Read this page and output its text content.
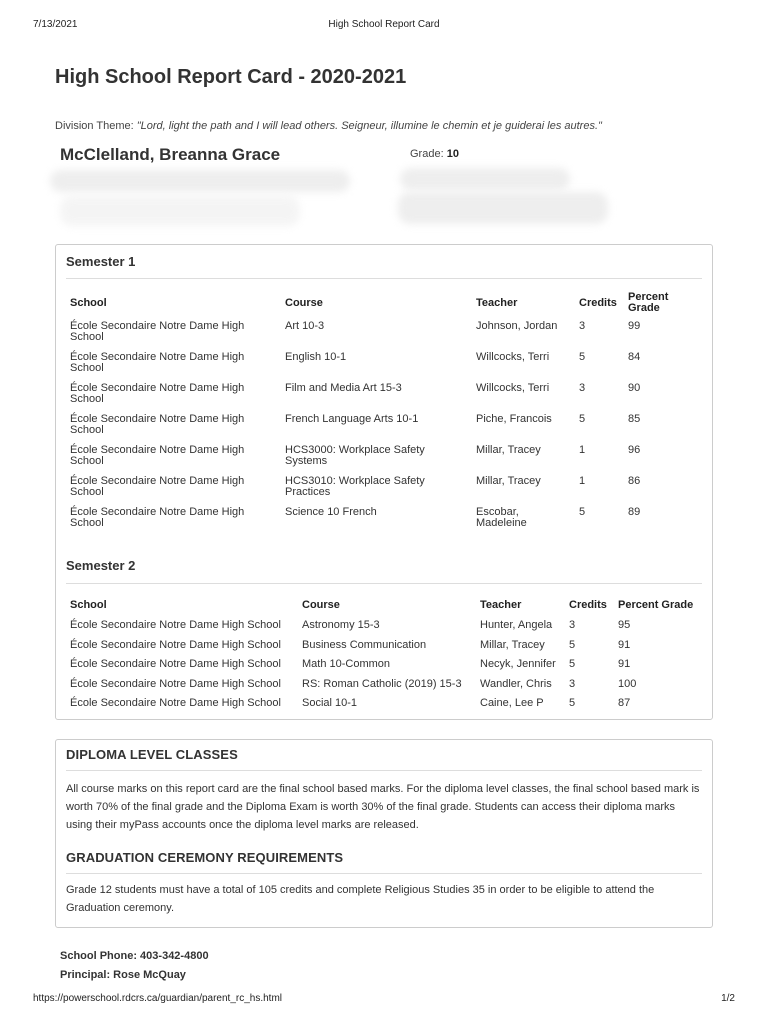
7/13/2021	High School Report Card
High School Report Card - 2020-2021
Division Theme: "Lord, light the path and I will lead others. Seigneur, illumine le chemin et je guiderai les autres."
McClelland, Breanna Grace	Grade: 10
Semester 1
School	Course	Teacher	Credits	Percent Grade
École Secondaire Notre Dame High School	Art 10-3	Johnson, Jordan	3	99
École Secondaire Notre Dame High School	English 10-1	Willcocks, Terri	5	84
École Secondaire Notre Dame High School	Film and Media Art 15-3	Willcocks, Terri	3	90
École Secondaire Notre Dame High School	French Language Arts 10-1	Piche, Francois	5	85
École Secondaire Notre Dame High School	HCS3000: Workplace Safety Systems	Millar, Tracey	1	96
École Secondaire Notre Dame High School	HCS3010: Workplace Safety Practices	Millar, Tracey	1	86
École Secondaire Notre Dame High School	Science 10 French	Escobar, Madeleine	5	89
Semester 2
School	Course	Teacher	Credits	Percent Grade
École Secondaire Notre Dame High School	Astronomy 15-3	Hunter, Angela	3	95
École Secondaire Notre Dame High School	Business Communication	Millar, Tracey	5	91
École Secondaire Notre Dame High School	Math 10-Common	Necyk, Jennifer	5	91
École Secondaire Notre Dame High School	RS: Roman Catholic (2019) 15-3	Wandler, Chris	3	100
École Secondaire Notre Dame High School	Social 10-1	Caine, Lee P	5	87
DIPLOMA LEVEL CLASSES
All course marks on this report card are the final school based marks. For the diploma level classes, the final school based mark is worth 70% of the final grade and the Diploma Exam is worth 30% of the final grade. Students can access their diploma marks using their myPass accounts once the diploma level marks are released.
GRADUATION CEREMONY REQUIREMENTS
Grade 12 students must have a total of 105 credits and complete Religious Studies 35 in order to be eligible to attend the Graduation ceremony.
School Phone: 403-342-4800
Principal: Rose McQuay
https://powerschool.rdcrs.ca/guardian/parent_rc_hs.html	1/2
